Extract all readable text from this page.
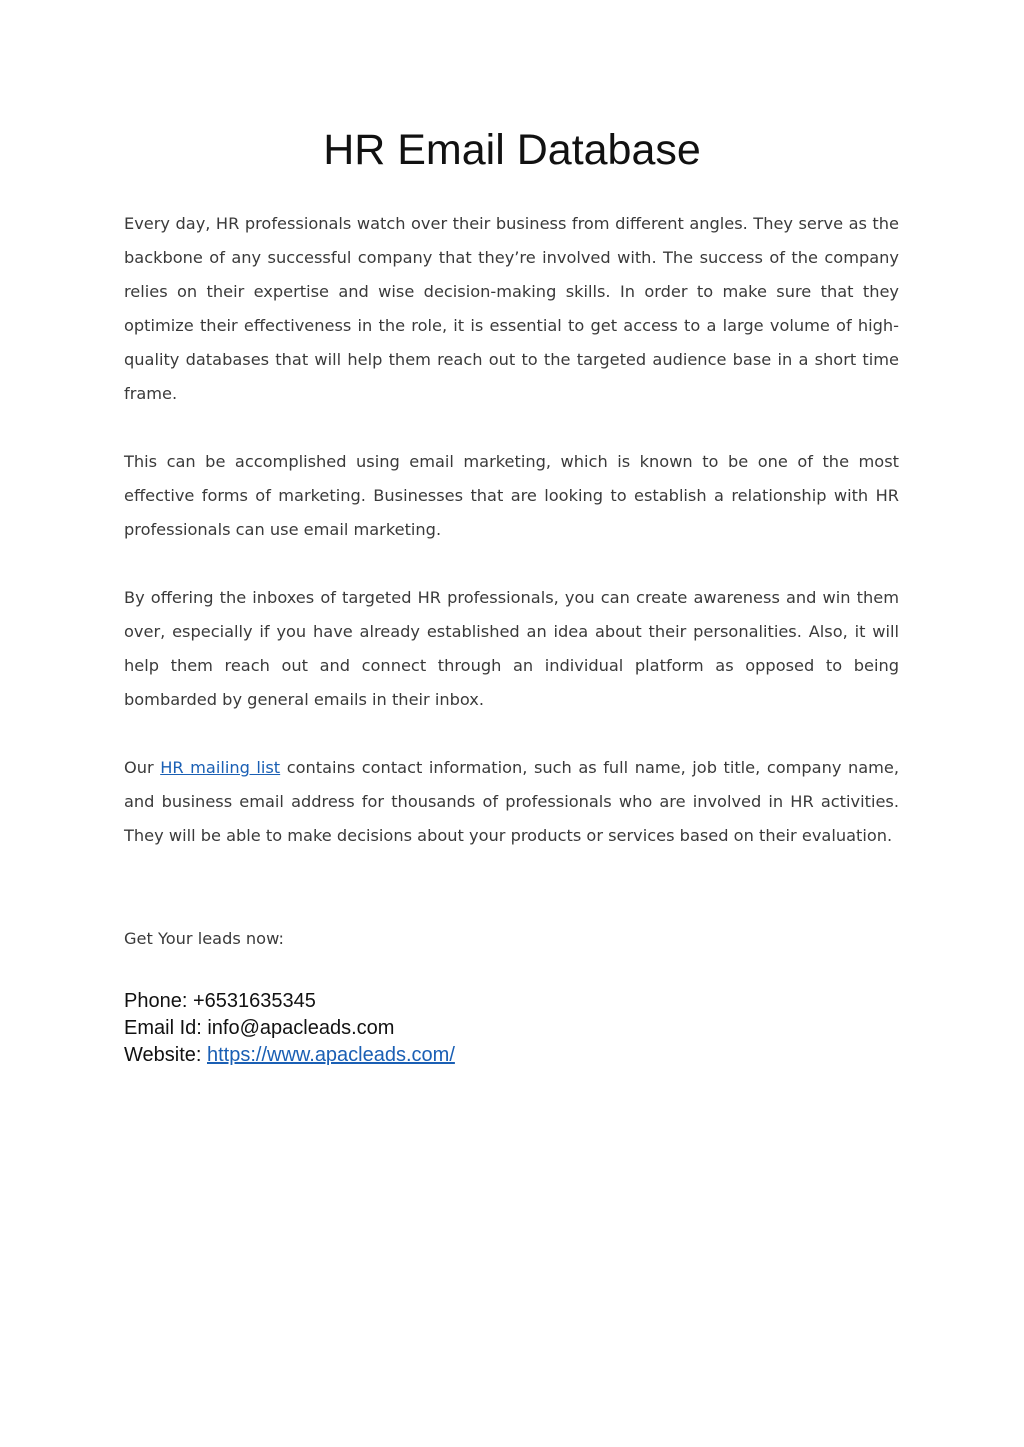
HR Email Database

Every day, HR professionals watch over their business from different angles. They serve as the backbone of any successful company that they’re involved with. The success of the company relies on their expertise and wise decision-making skills. In order to make sure that they optimize their effectiveness in the role, it is essential to get access to a large volume of high-quality databases that will help them reach out to the targeted audience base in a short time frame.

This can be accomplished using email marketing, which is known to be one of the most effective forms of marketing. Businesses that are looking to establish a relationship with HR professionals can use email marketing.

By offering the inboxes of targeted HR professionals, you can create awareness and win them over, especially if you have already established an idea about their personalities. Also, it will help them reach out and connect through an individual platform as opposed to being bombarded by general emails in their inbox.

Our HR mailing list contains contact information, such as full name, job title, company name, and business email address for thousands of professionals who are involved in HR activities. They will be able to make decisions about your products or services based on their evaluation.

Get Your leads now:

Phone: +6531635345
Email Id: info@apacleads.com
Website: https://www.apacleads.com/
